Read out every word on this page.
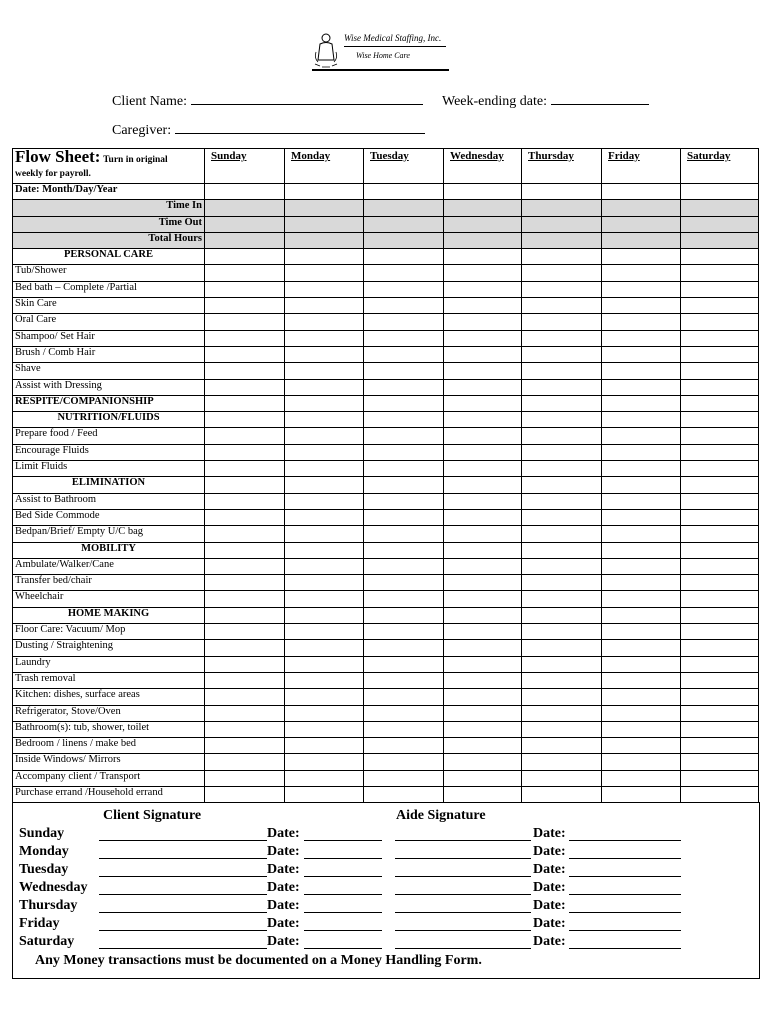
Wise Medical Staffing, Inc.
Wise Home Care
Client Name:	Week-ending date:
Caregiver:
Flow Sheet: Turn in original
weekly for payroll.	Sunday	Monday	Tuesday	Wednesday	Thursday	Friday	Saturday
Date: Month/Day/Year							
Time In							
Time Out							
Total Hours							
PERSONAL CARE							
Tub/Shower							
Bed bath – Complete /Partial							
Skin Care							
Oral Care							
Shampoo/ Set Hair							
Brush / Comb Hair							
Shave							
Assist with Dressing							
RESPITE/COMPANIONSHIP							
NUTRITION/FLUIDS							
Prepare food / Feed							
Encourage Fluids							
Limit Fluids							
ELIMINATION							
Assist to Bathroom							
Bed Side Commode							
Bedpan/Brief/ Empty U/C bag							
MOBILITY							
Ambulate/Walker/Cane							
Transfer bed/chair							
Wheelchair							
HOME MAKING							
Floor Care: Vacuum/ Mop							
Dusting / Straightening							
Laundry							
Trash removal							
Kitchen: dishes, surface areas							
Refrigerator, Stove/Oven							
Bathroom(s): tub, shower, toilet							
Bedroom / linens / make bed							
Inside Windows/ Mirrors							
Accompany client / Transport							
Purchase errand /Household errand							
Client Signature	Aide Signature
Sunday	Date:	Date:
Monday	Date:	Date:
Tuesday	Date:	Date:
Wednesday	Date:	Date:
Thursday	Date:	Date:
Friday	Date:	Date:
Saturday	Date:	Date:
Any Money transactions must be documented on a Money Handling Form.
